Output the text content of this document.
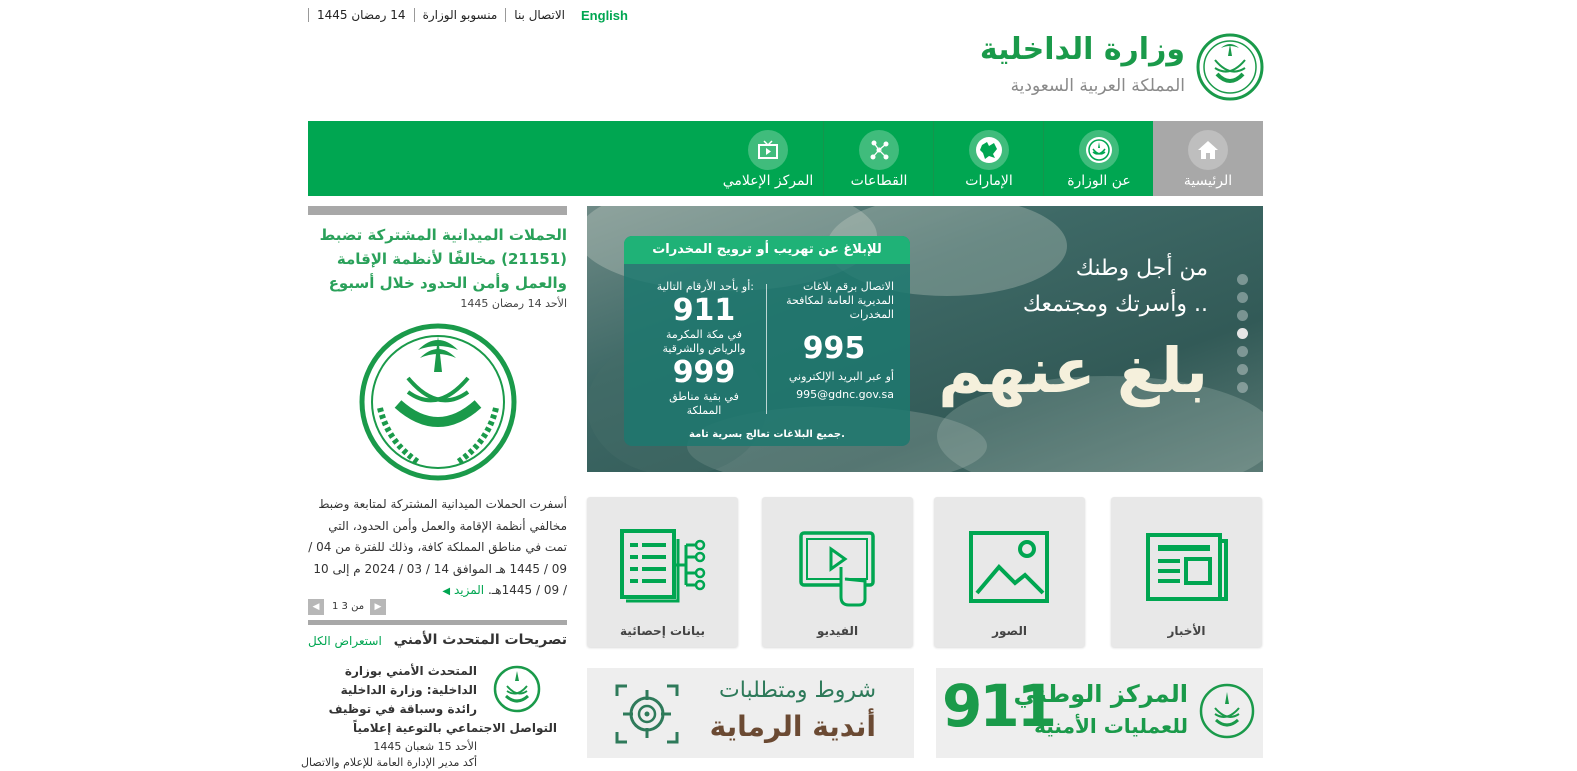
14 رمضان 1445	منسوبو الوزارة	الاتصال بنا	English
وزارة الداخلية
المملكة العربية السعودية
الرئيسية
عن الوزارة
الإمارات
القطاعات
المركز الإعلامي
للإبلاغ عن تهريب أو ترويج المخدرات
الاتصال برقم بلاغات المديرية العامة لمكافحة المخدرات
995
أو عبر البريد الإلكتروني
995@gdnc.gov.sa
أو بأحد الأرقام التالية:
911
في مكة المكرمة والرياض والشرقية
999
في بقية مناطق المملكة
جميع البلاغات تعالج بسرية تامة.
من أجل وطنك
وأسرتك ومجتمعك ..
بلغ عنهم
الأخبار
الصور
الفيديو
بيانات إحصائية
المركز الوطني
للعمليات الأمنية
911
شروط ومتطلبات
أندية الرماية
الحملات الميدانية المشتركة تضبط (21151) مخالفًا لأنظمة الإقامة والعمل وأمن الحدود خلال أسبوع
الأحد 14 رمضان 1445
أسفرت الحملات الميدانية المشتركة لمتابعة وضبط مخالفي أنظمة الإقامة والعمل وأمن الحدود، التي تمت في مناطق المملكة كافة، وذلك للفترة من 04 / 09 / 1445 هـ الموافق 14 / 03 / 2024 م إلى 10 / 09 / 1445هـ. المزيد ◀
◀	1 من 3	▶
تصريحات المتحدث الأمني
استعراض الكل
المتحدث الأمني بوزارة الداخلية: وزارة الداخلية رائدة وسباقة في توظيف
التواصل الاجتماعي بالتوعية إعلامياً
الأحد 15 شعبان 1445
أكد مدير الإدارة العامة للإعلام والاتصال
